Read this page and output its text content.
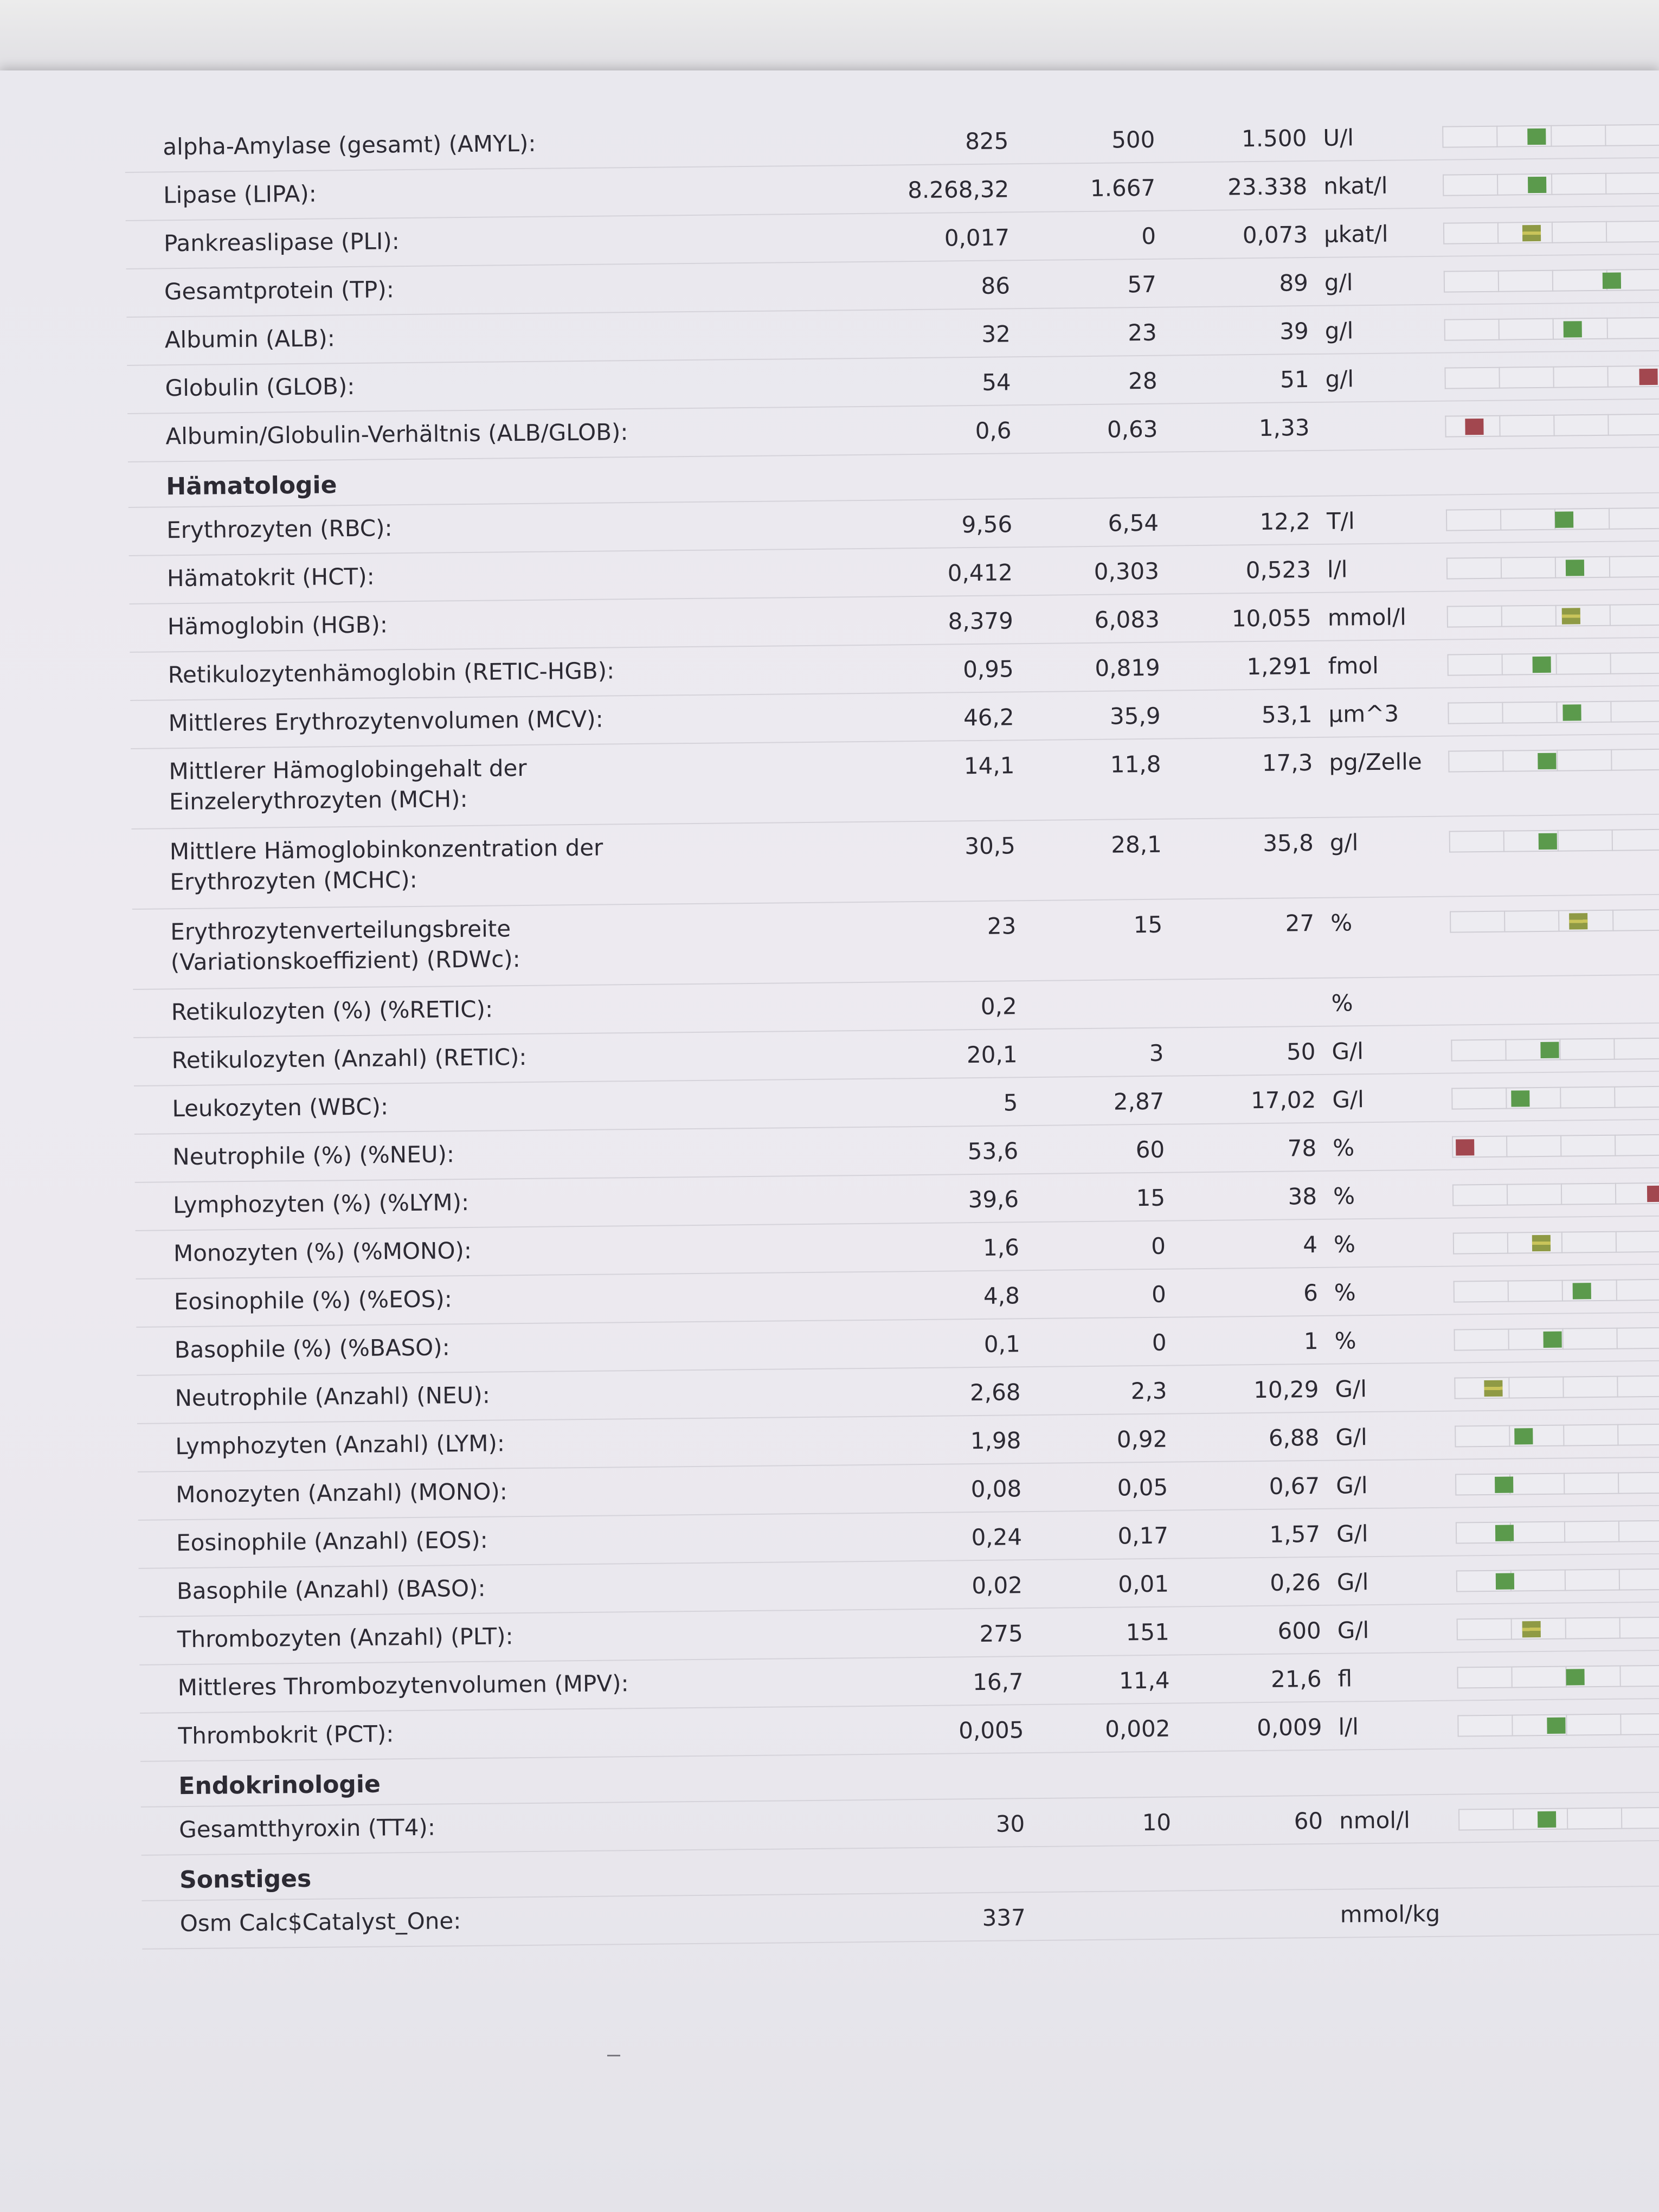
alpha-Amylase (gesamt) (AMYL):	825	500	1.500 U/l
Lipase (LIPA):	8.268,32	1.667	23.338 nkat/l
Pankreaslipase (PLI):	0,017	0	0,073 µkat/l
Gesamtprotein (TP):	86	57	89 g/l
Albumin (ALB):	32	23	39 g/l
Globulin (GLOB):	54	28	51 g/l
Albumin/Globulin-Verhältnis (ALB/GLOB):	0,6	0,63	1,33
Hämatologie
Erythrozyten (RBC):	9,56	6,54	12,2 T/l
Hämatokrit (HCT):	0,412	0,303	0,523 l/l
Hämoglobin (HGB):	8,379	6,083	10,055 mmol/l
Retikulozytenhämoglobin (RETIC-HGB):	0,95	0,819	1,291 fmol
Mittleres Erythrozytenvolumen (MCV):	46,2	35,9	53,1 µm^3
Mittlerer Hämoglobingehalt der
Einzelerythrozyten (MCH):
14,1	11,8	17,3 pg/Zelle
Mittlere Hämoglobinkonzentration der
Erythrozyten (MCHC):
30,5	28,1	35,8 g/l
Erythrozytenverteilungsbreite
(Variationskoeffizient) (RDWc):
23	15	27 %
Retikulozyten (%) (%RETIC):	0,2	%
Retikulozyten (Anzahl) (RETIC):	20,1	3	50 G/l
Leukozyten (WBC):	5	2,87	17,02 G/l
Neutrophile (%) (%NEU):	53,6	60	78 %
Lymphozyten (%) (%LYM):	39,6	15	38 %
Monozyten (%) (%MONO):	1,6	0	4 %
Eosinophile (%) (%EOS):	4,8	0	6 %
Basophile (%) (%BASO):	0,1	0	1 %
Neutrophile (Anzahl) (NEU):	2,68	2,3	10,29 G/l
Lymphozyten (Anzahl) (LYM):	1,98	0,92	6,88 G/l
Monozyten (Anzahl) (MONO):	0,08	0,05	0,67 G/l
Eosinophile (Anzahl) (EOS):	0,24	0,17	1,57 G/l
Basophile (Anzahl) (BASO):	0,02	0,01	0,26 G/l
Thrombozyten (Anzahl) (PLT):	275	151	600 G/l
Mittleres Thrombozytenvolumen (MPV):	16,7	11,4	21,6 fl
Thrombokrit (PCT):	0,005	0,002	0,009 l/l
Endokrinologie
Gesamtthyroxin (TT4):	30	10	60 nmol/l
Sonstiges
Osm Calc$Catalyst_One:	337	mmol/kg
